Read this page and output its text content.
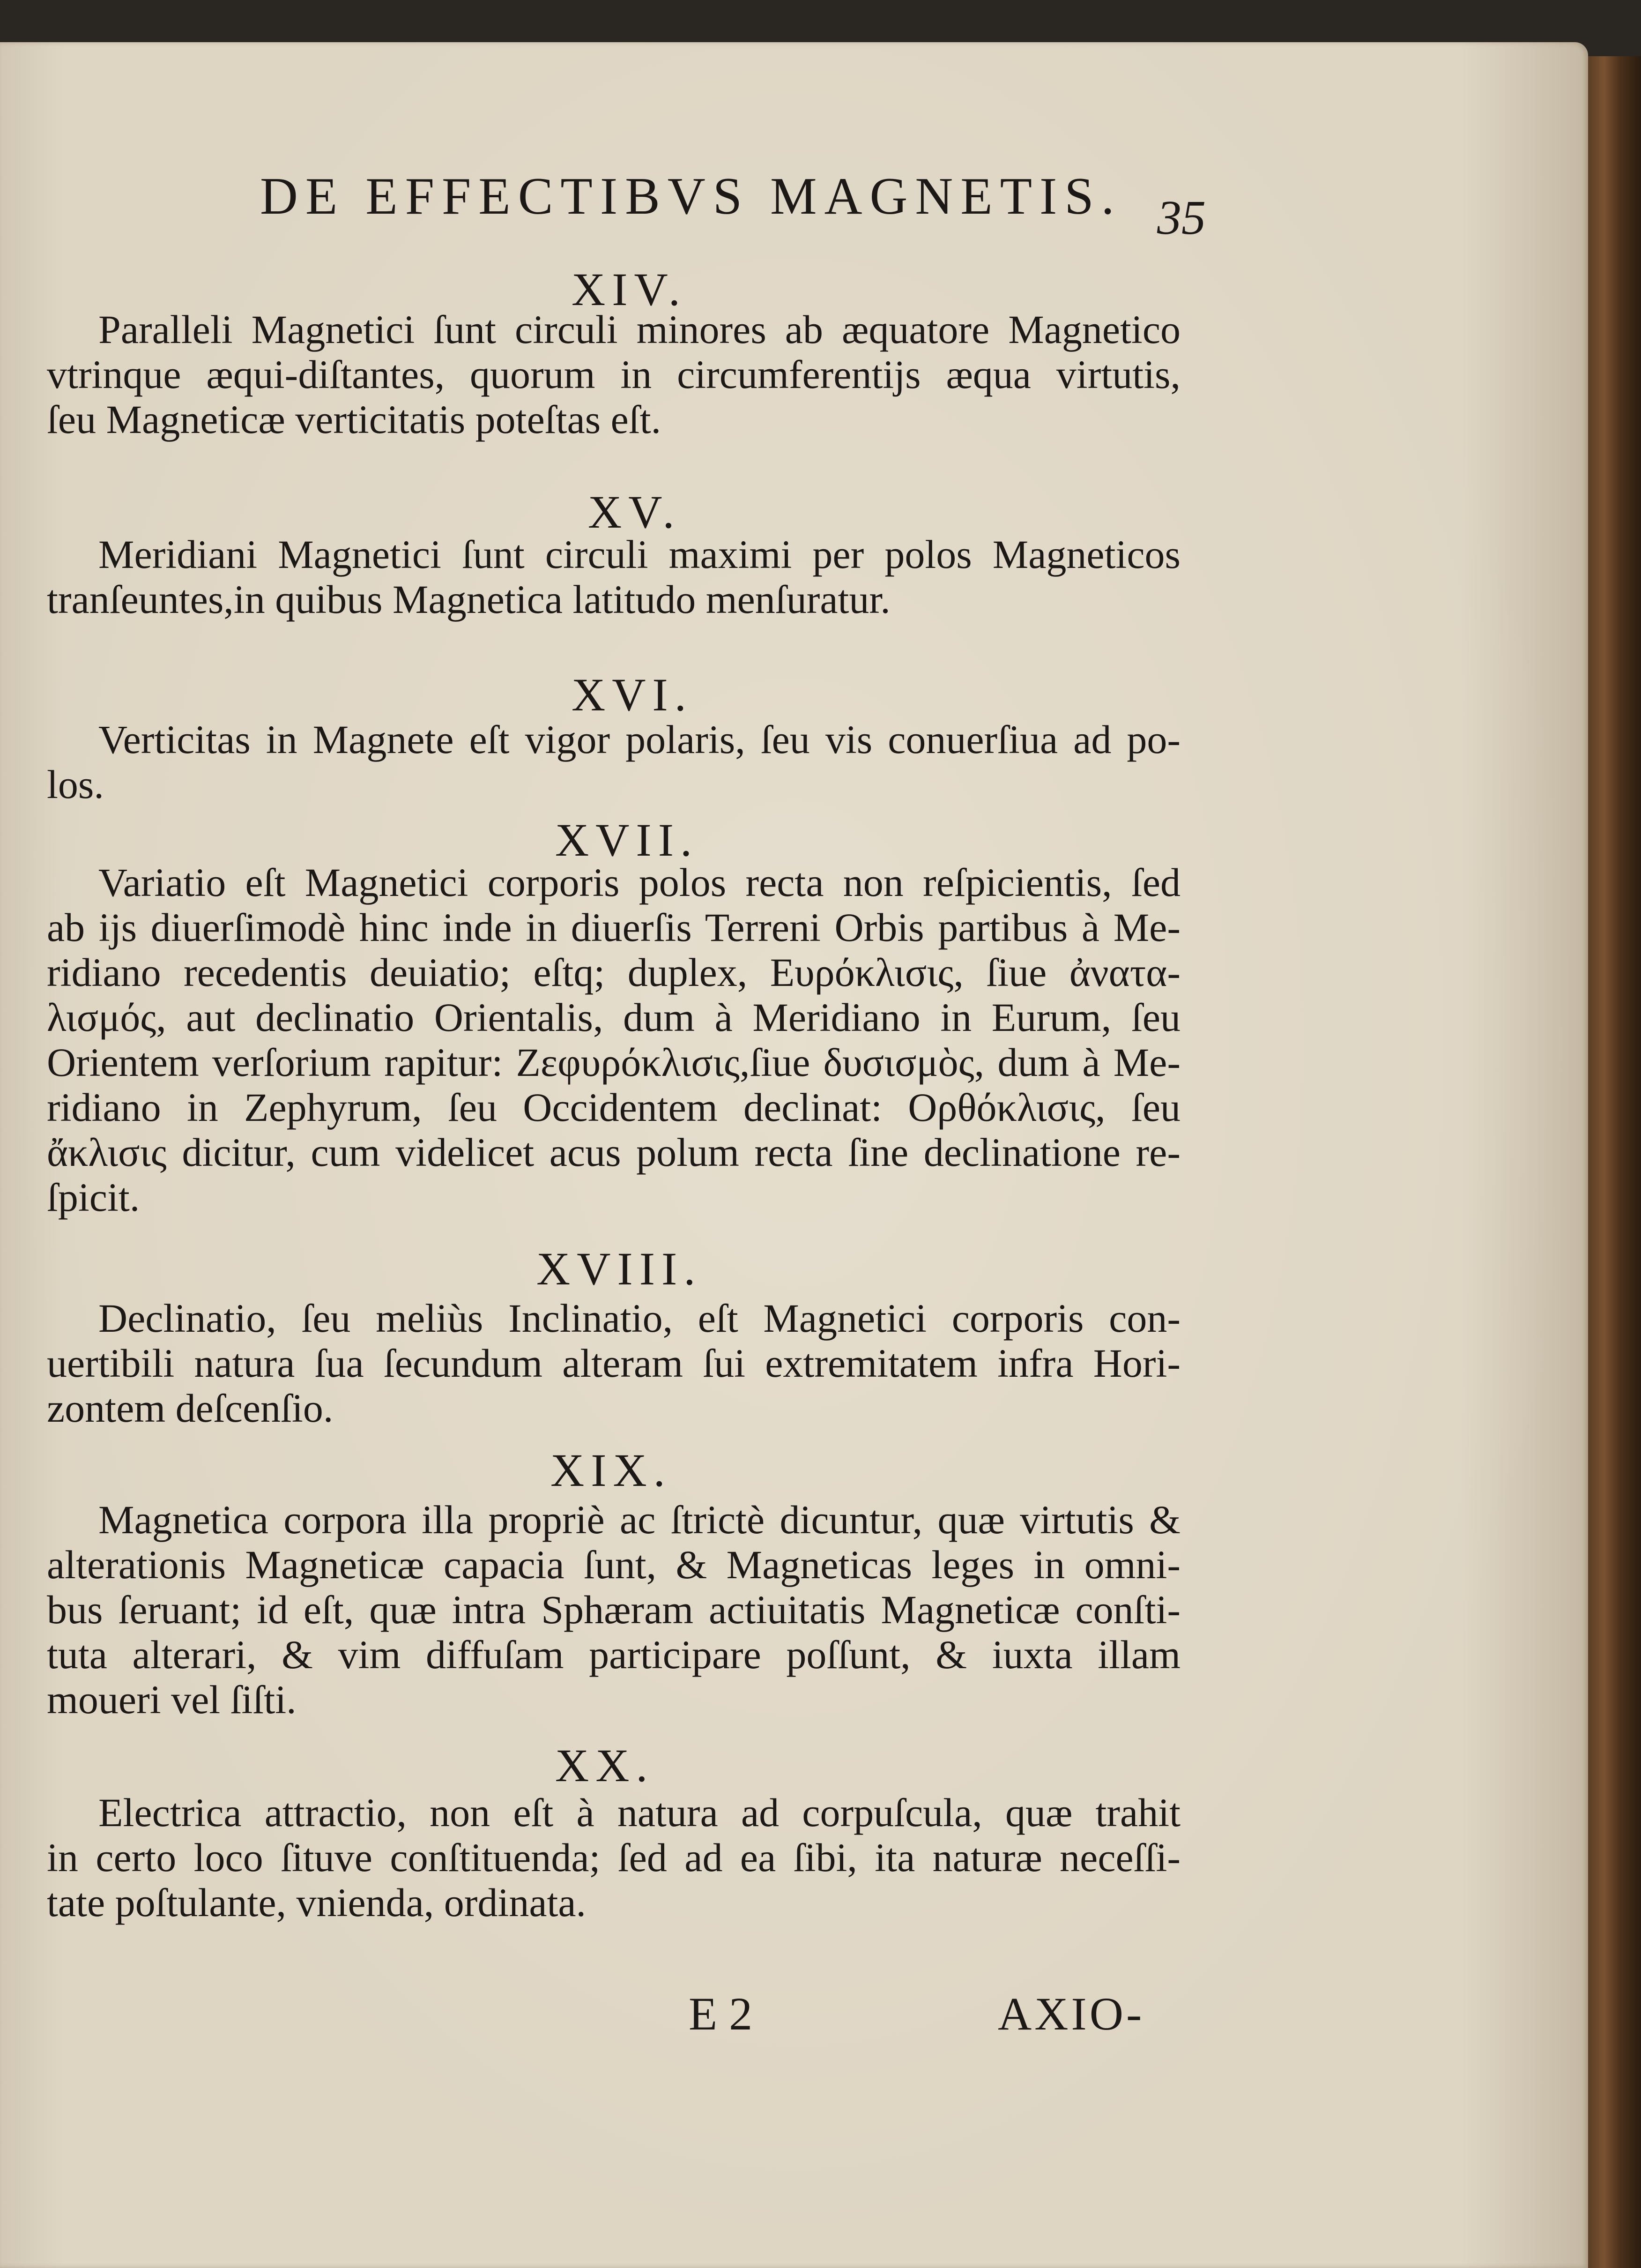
DE EFFECTIBVS MAGNETIS. 35
XIV.
Paralleli Magnetici ſunt circuli minores ab æquatore Magnetico
vtrinque æqui-diſtantes, quorum in circumferentijs æqua virtutis,
ſeu Magneticæ verticitatis poteſtas eſt.
XV.
Meridiani Magnetici ſunt circuli maximi per polos Magneticos
tranſeuntes,in quibus Magnetica latitudo menſuratur.
XVI.
Verticitas in Magnete eſt vigor polaris, ſeu vis conuerſiua ad po-
los.
XVII.
Variatio eſt Magnetici corporis polos recta non reſpicientis, ſed
ab ijs diuerſimodè hinc inde in diuerſis Terreni Orbis partibus à Me-
ridiano recedentis deuiatio; eſtq; duplex, Ευρόκλισις, ſiue ἀνατα-
λισμός, aut declinatio Orientalis, dum à Meridiano in Eurum, ſeu
Orientem verſorium rapitur: Ζεφυρόκλισις,ſiue δυσισμὸς, dum à Me-
ridiano in Zephyrum, ſeu Occidentem declinat: Ορθόκλισις, ſeu
ἄκλισις dicitur, cum videlicet acus polum recta ſine declinatione re-
ſpicit.
XVIII.
Declinatio, ſeu meliùs Inclinatio, eſt Magnetici corporis con-
uertibili natura ſua ſecundum alteram ſui extremitatem infra Hori-
zontem deſcenſio.
XIX.
Magnetica corpora illa propriè ac ſtrictè dicuntur, quæ virtutis &
alterationis Magneticæ capacia ſunt, & Magneticas leges in omni-
bus ſeruant; id eſt, quæ intra Sphæram actiuitatis Magneticæ conſti-
tuta alterari, & vim diffuſam participare poſſunt, & iuxta illam
moueri vel ſiſti.
XX.
Electrica attractio, non eſt à natura ad corpuſcula, quæ trahit
in certo loco ſituve conſtituenda; ſed ad ea ſibi, ita naturæ neceſſi-
tate poſtulante, vnienda, ordinata.
E 2	AXIO-
